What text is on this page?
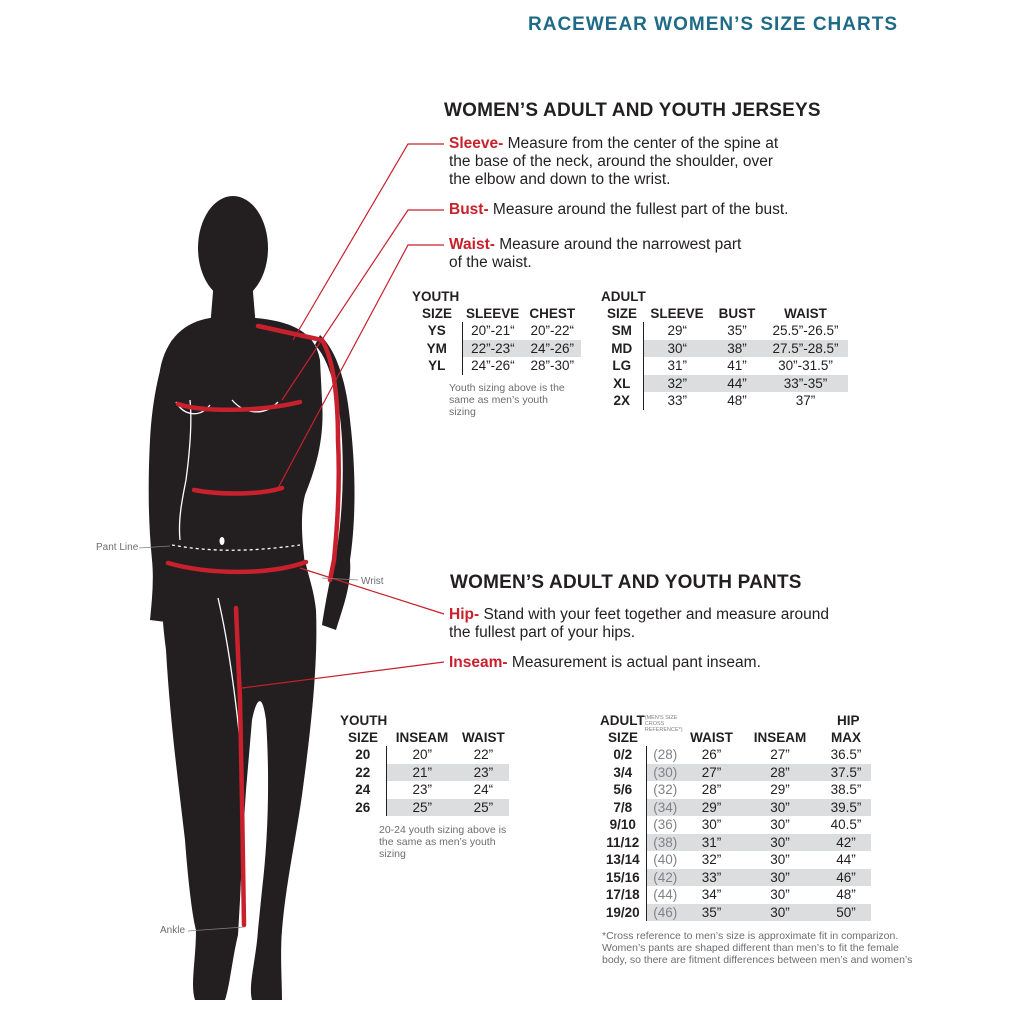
RACEWEAR WOMEN’S SIZE CHARTS
Pant Line
Wrist
Ankle
WOMEN’S ADULT AND YOUTH JERSEYS
Sleeve- Measure from the center of the spine at the base of the neck, around the shoulder, over the elbow and down to the wrist.
Bust- Measure around the fullest part of the bust.
Waist- Measure around the narrowest part of the waist.
YOUTH
SIZE	SLEEVE	CHEST
YS	20”-21“	20”-22“
YM	22”-23“	24”-26”
YL	24”-26“	28”-30”
Youth sizing above is the same as men’s youth sizing
ADULT
SIZE	SLEEVE	BUST	WAIST
SM	29“	35”	25.5”-26.5”
MD	30“	38”	27.5”-28.5”
LG	31”	41”	30”-31.5”
XL	32”	44”	33”-35”
2X	33”	48”	37”
WOMEN’S ADULT AND YOUTH PANTS
Hip- Stand with your feet together and measure around the fullest part of your hips.
Inseam- Measurement is actual pant inseam.
YOUTH
SIZE	INSEAM	WAIST
20	20”	22”
22	21”	23”
24	23”	24“
26	25”	25”
20-24 youth sizing above is the same as men’s youth sizing
ADULT(MEN’S SIZE CROSS REFERENCE*)
HIP
SIZE		WAIST	INSEAM	MAX
0/2	(28)	26”	27”	36.5”
3/4	(30)	27”	28”	37.5”
5/6	(32)	28”	29”	38.5”
7/8	(34)	29”	30”	39.5”
9/10	(36)	30”	30”	40.5”
11/12	(38)	31”	30”	42”
13/14	(40)	32”	30”	44”
15/16	(42)	33”	30”	46”
17/18	(44)	34”	30”	48”
19/20	(46)	35”	30”	50”
*Cross reference to men’s size is approximate fit in comparizon. Women’s pants are shaped different than men’s to fit the female body, so there are fitment differences between men’s and women’s
